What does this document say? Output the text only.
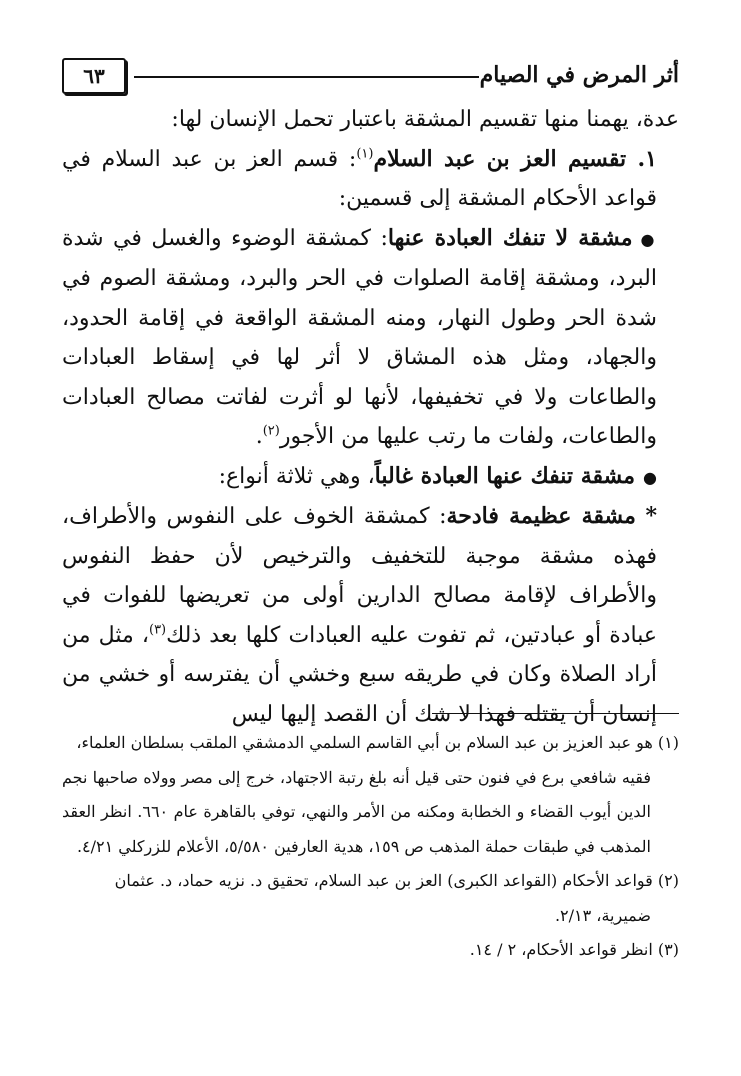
أثر المرض في الصيام
٦٣

عدة، يهمنا منها تقسيم المشقة باعتبار تحمل الإنسان لها:

١. تقسيم العز بن عبد السلام$^{(١)}$: قسم العز بن عبد السلام في قواعد الأحكام المشقة إلى قسمين:

●مشقة لا تنفك العبادة عنها: كمشقة الوضوء والغسل في شدة البرد، ومشقة إقامة الصلوات في الحر والبرد، ومشقة الصوم في شدة الحر وطول النهار، ومنه المشقة الواقعة في إقامة الحدود، والجهاد، ومثل هذه المشاق لا أثر لها في إسقاط العبادات والطاعات ولا في تخفيفها، لأنها لو أثرت لفاتت مصالح العبادات والطاعات، ولفات ما رتب عليها من الأجور$^{(٢)}$.

●مشقة تنفك عنها العبادة غالباً، وهي ثلاثة أنواع:

* مشقة عظيمة فادحة: كمشقة الخوف على النفوس والأطراف، فهذه مشقة موجبة للتخفيف والترخيص لأن حفظ النفوس والأطراف لإقامة مصالح الدارين أولى من تعريضها للفوات في عبادة أو عبادتين، ثم تفوت عليه العبادات كلها بعد ذلك$^{(٣)}$، مثل من أراد الصلاة وكان في طريقه سبع وخشي أن يفترسه أو خشي من إنسان أن يقتله فهذا لا شك أن القصد إليها ليس

(١) هو عبد العزيز بن عبد السلام بن أبي القاسم السلمي الدمشقي الملقب بسلطان العلماء،

فقيه شافعي برع في فنون حتى قيل أنه بلغ رتبة الاجتهاد، خرج إلى مصر وولاه صاحبها نجم الدين أيوب القضاء و الخطابة ومكنه من الأمر والنهي، توفي بالقاهرة عام ٦٦٠. انظر العقد المذهب في طبقات حملة المذهب ص ١٥٩، هدية العارفين ٥/٥٨٠، الأعلام للزركلي ٤/٢١.

(٢) قواعد الأحكام (القواعد الكبرى) العز بن عبد السلام، تحقيق د. نزيه حماد، د. عثمان

ضميرية، ٢/١٣.

(٣) انظر قواعد الأحكام، ٢ / ١٤.
